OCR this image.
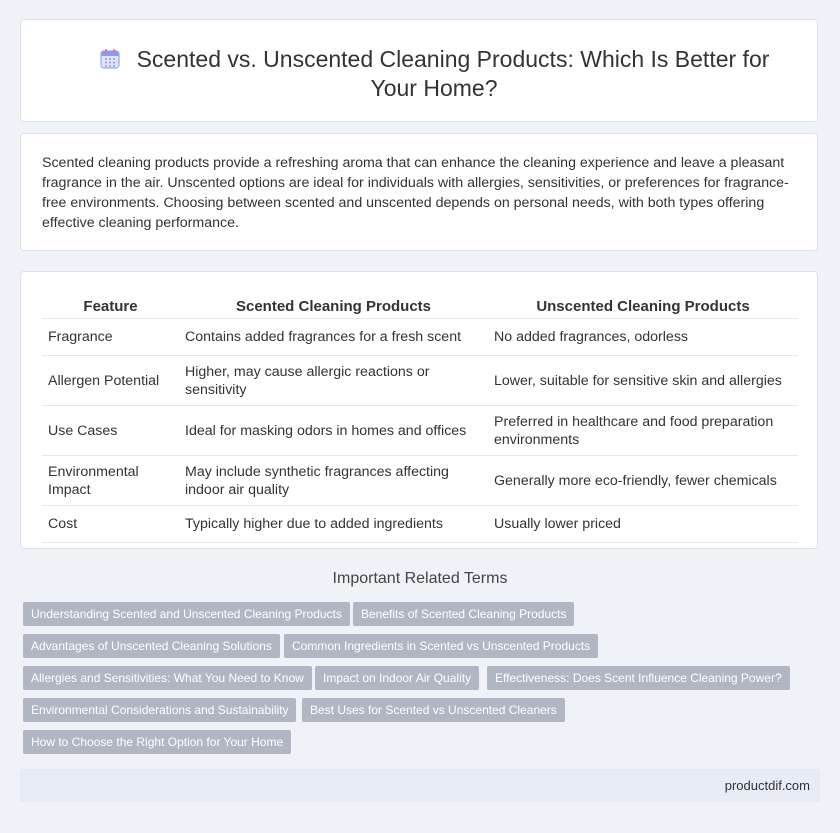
Scented vs. Unscented Cleaning Products: Which Is Better for Your Home?

Scented cleaning products provide a refreshing aroma that can enhance the cleaning experience and leave a pleasant fragrance in the air. Unscented options are ideal for individuals with allergies, sensitivities, or preferences for fragrance-free environments. Choosing between scented and unscented depends on personal needs, with both types offering effective cleaning performance.

Feature	Scented Cleaning Products	Unscented Cleaning Products
Fragrance	Contains added fragrances for a fresh scent	No added fragrances, odorless
Allergen Potential	Higher, may cause allergic reactions or sensitivity	Lower, suitable for sensitive skin and allergies
Use Cases	Ideal for masking odors in homes and offices	Preferred in healthcare and food preparation environments
Environmental Impact	May include synthetic fragrances affecting indoor air quality	Generally more eco-friendly, fewer chemicals
Cost	Typically higher due to added ingredients	Usually lower priced
Important Related Terms
Understanding Scented and Unscented Cleaning Products	Benefits of Scented Cleaning Products
Advantages of Unscented Cleaning Solutions	Common Ingredients in Scented vs Unscented Products
Allergies and Sensitivities: What You Need to Know	Impact on Indoor Air Quality	Effectiveness: Does Scent Influence Cleaning Power?
Environmental Considerations and Sustainability	Best Uses for Scented vs Unscented Cleaners
How to Choose the Right Option for Your Home
productdif.com
